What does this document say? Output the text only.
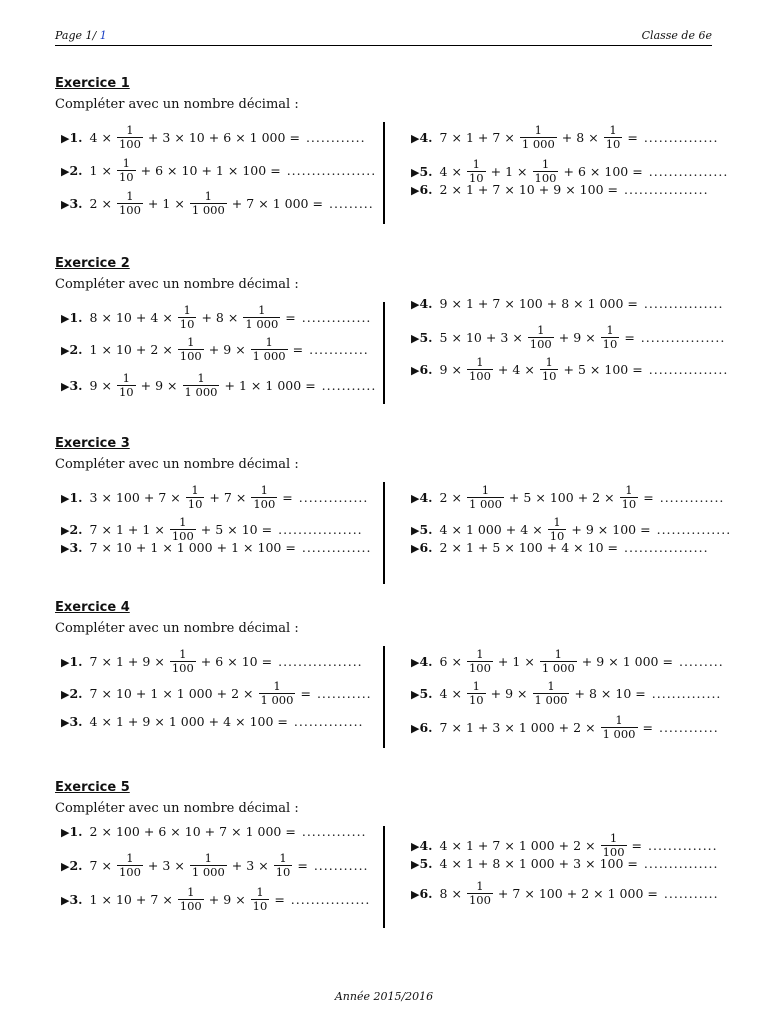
Page 1/ 1	Classe de 6e
Exercice 1
Compléter avec un nombre décimal :
▶1. $4 \times \frac{1}{100} + 3 \times 10 + 6 \times 1$ 000 = ............
▶2. $1 \times \frac{1}{10} + 6 \times 10 + 1 \times 100$ = ..................
▶3. $2 \times \frac{1}{100} + 1 \times \frac{1}{1 000} + 7 \times 1$ 000 = .........
▶4. $7 \times 1 + 7 \times \frac{1}{1 000} + 8 \times \frac{1}{10}$ = ...............
▶5. $4 \times \frac{1}{10} + 1 \times \frac{1}{100} + 6 \times 100$ = ................
▶6. 2 × 1 + 7 × 10 + 9 × 100 = .................
Exercice 2
Compléter avec un nombre décimal :
▶1. $8 \times 10 + 4 \times \frac{1}{10} + 8 \times \frac{1}{1 000}$ = ..............
▶2. $1 \times 10 + 2 \times \frac{1}{100} + 9 \times \frac{1}{1 000}$ = ............
▶3. $9 \times \frac{1}{10} + 9 \times \frac{1}{1 000} + 1 \times 1$ 000 = ...........
▶4. 9 × 1 + 7 × 100 + 8 × 1 000 = ................
▶5. $5 \times 10 + 3 \times \frac{1}{100} + 9 \times \frac{1}{10}$ = .................
▶6. $9 \times \frac{1}{100} + 4 \times \frac{1}{10} + 5 \times 100$ = ................
Exercice 3
Compléter avec un nombre décimal :
▶1. $3 \times 100 + 7 \times \frac{1}{10} + 7 \times \frac{1}{100}$ = ..............
▶2. $7 \times 1 + 1 \times \frac{1}{100} + 5 \times 10$ = .................
▶3. 7 × 10 + 1 × 1 000 + 1 × 100 = ..............
▶4. $2 \times \frac{1}{1 000} + 5 \times 100 + 2 \times \frac{1}{10}$ = .............
▶5. 4 × 1 $000 + 4 \times \frac{1}{10} + 9 \times 100$ = ...............
▶6. 2 × 1 + 5 × 100 + 4 × 10 = .................
Exercice 4
Compléter avec un nombre décimal :
▶1. $7 \times 1 + 9 \times \frac{1}{100} + 6 \times 10$ = .................
▶2. 7 × 10 + 1 × 1 $000 + 2 \times \frac{1}{1 000}$ = ...........
▶3. 4 × 1 + 9 × 1 000 + 4 × 100 = ..............
▶4. $6 \times \frac{1}{100} + 1 \times \frac{1}{1 000} + 9 \times 1$ 000 = .........
▶5. $4 \times \frac{1}{10} + 9 \times \frac{1}{1 000} + 8 \times 10$ = ..............
▶6. 7 × 1 + 3 × 1 $000 + 2 \times \frac{1}{1 000}$ = ............
Exercice 5
Compléter avec un nombre décimal :
▶1. 2 × 100 + 6 × 10 + 7 × 1 000 = .............
▶2. $7 \times \frac{1}{100} + 3 \times \frac{1}{1 000} + 3 \times \frac{1}{10}$ = ...........
▶3. $1 \times 10 + 7 \times \frac{1}{100} + 9 \times \frac{1}{10}$ = ................
▶4. 4 × 1 + 7 × 1 $000 + 2 \times \frac{1}{100}$ = ..............
▶5. 4 × 1 + 8 × 1 000 + 3 × 100 = ...............
▶6. $8 \times \frac{1}{100} + 7 \times 100 + 2 \times 1$ 000 = ...........
Année 2015/2016
